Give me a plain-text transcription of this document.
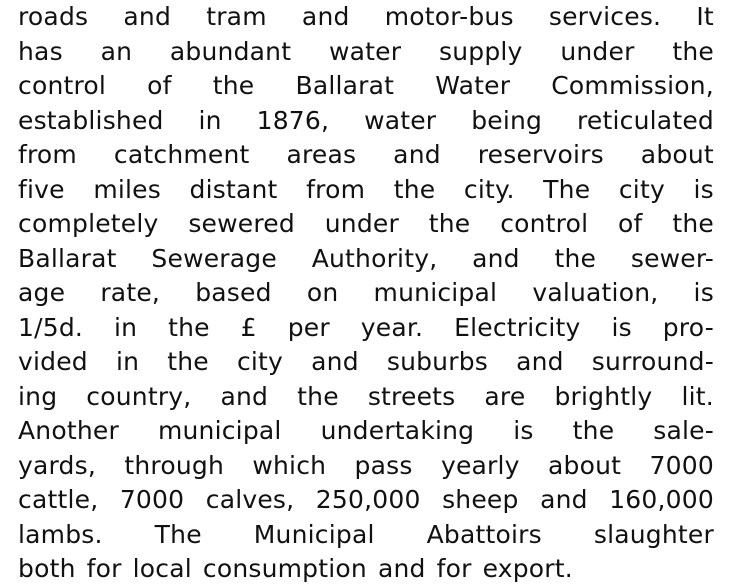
roads and tram and motor-bus services. It
has an abundant water supply under the
control of the Ballarat Water Commission,
established in 1876, water being reticulated
from catchment areas and reservoirs about
five miles distant from the city. The city is
completely sewered under the control of the
Ballarat Sewerage Authority, and the sewer-
age rate, based on municipal valuation, is
1/5d. in the £ per year. Electricity is pro-
vided in the city and suburbs and surround-
ing country, and the streets are brightly lit.
Another municipal undertaking is the sale-
yards, through which pass yearly about 7000
cattle, 7000 calves, 250,000 sheep and 160,000
lambs. The Municipal Abattoirs slaughter
both for local consumption and for export.
